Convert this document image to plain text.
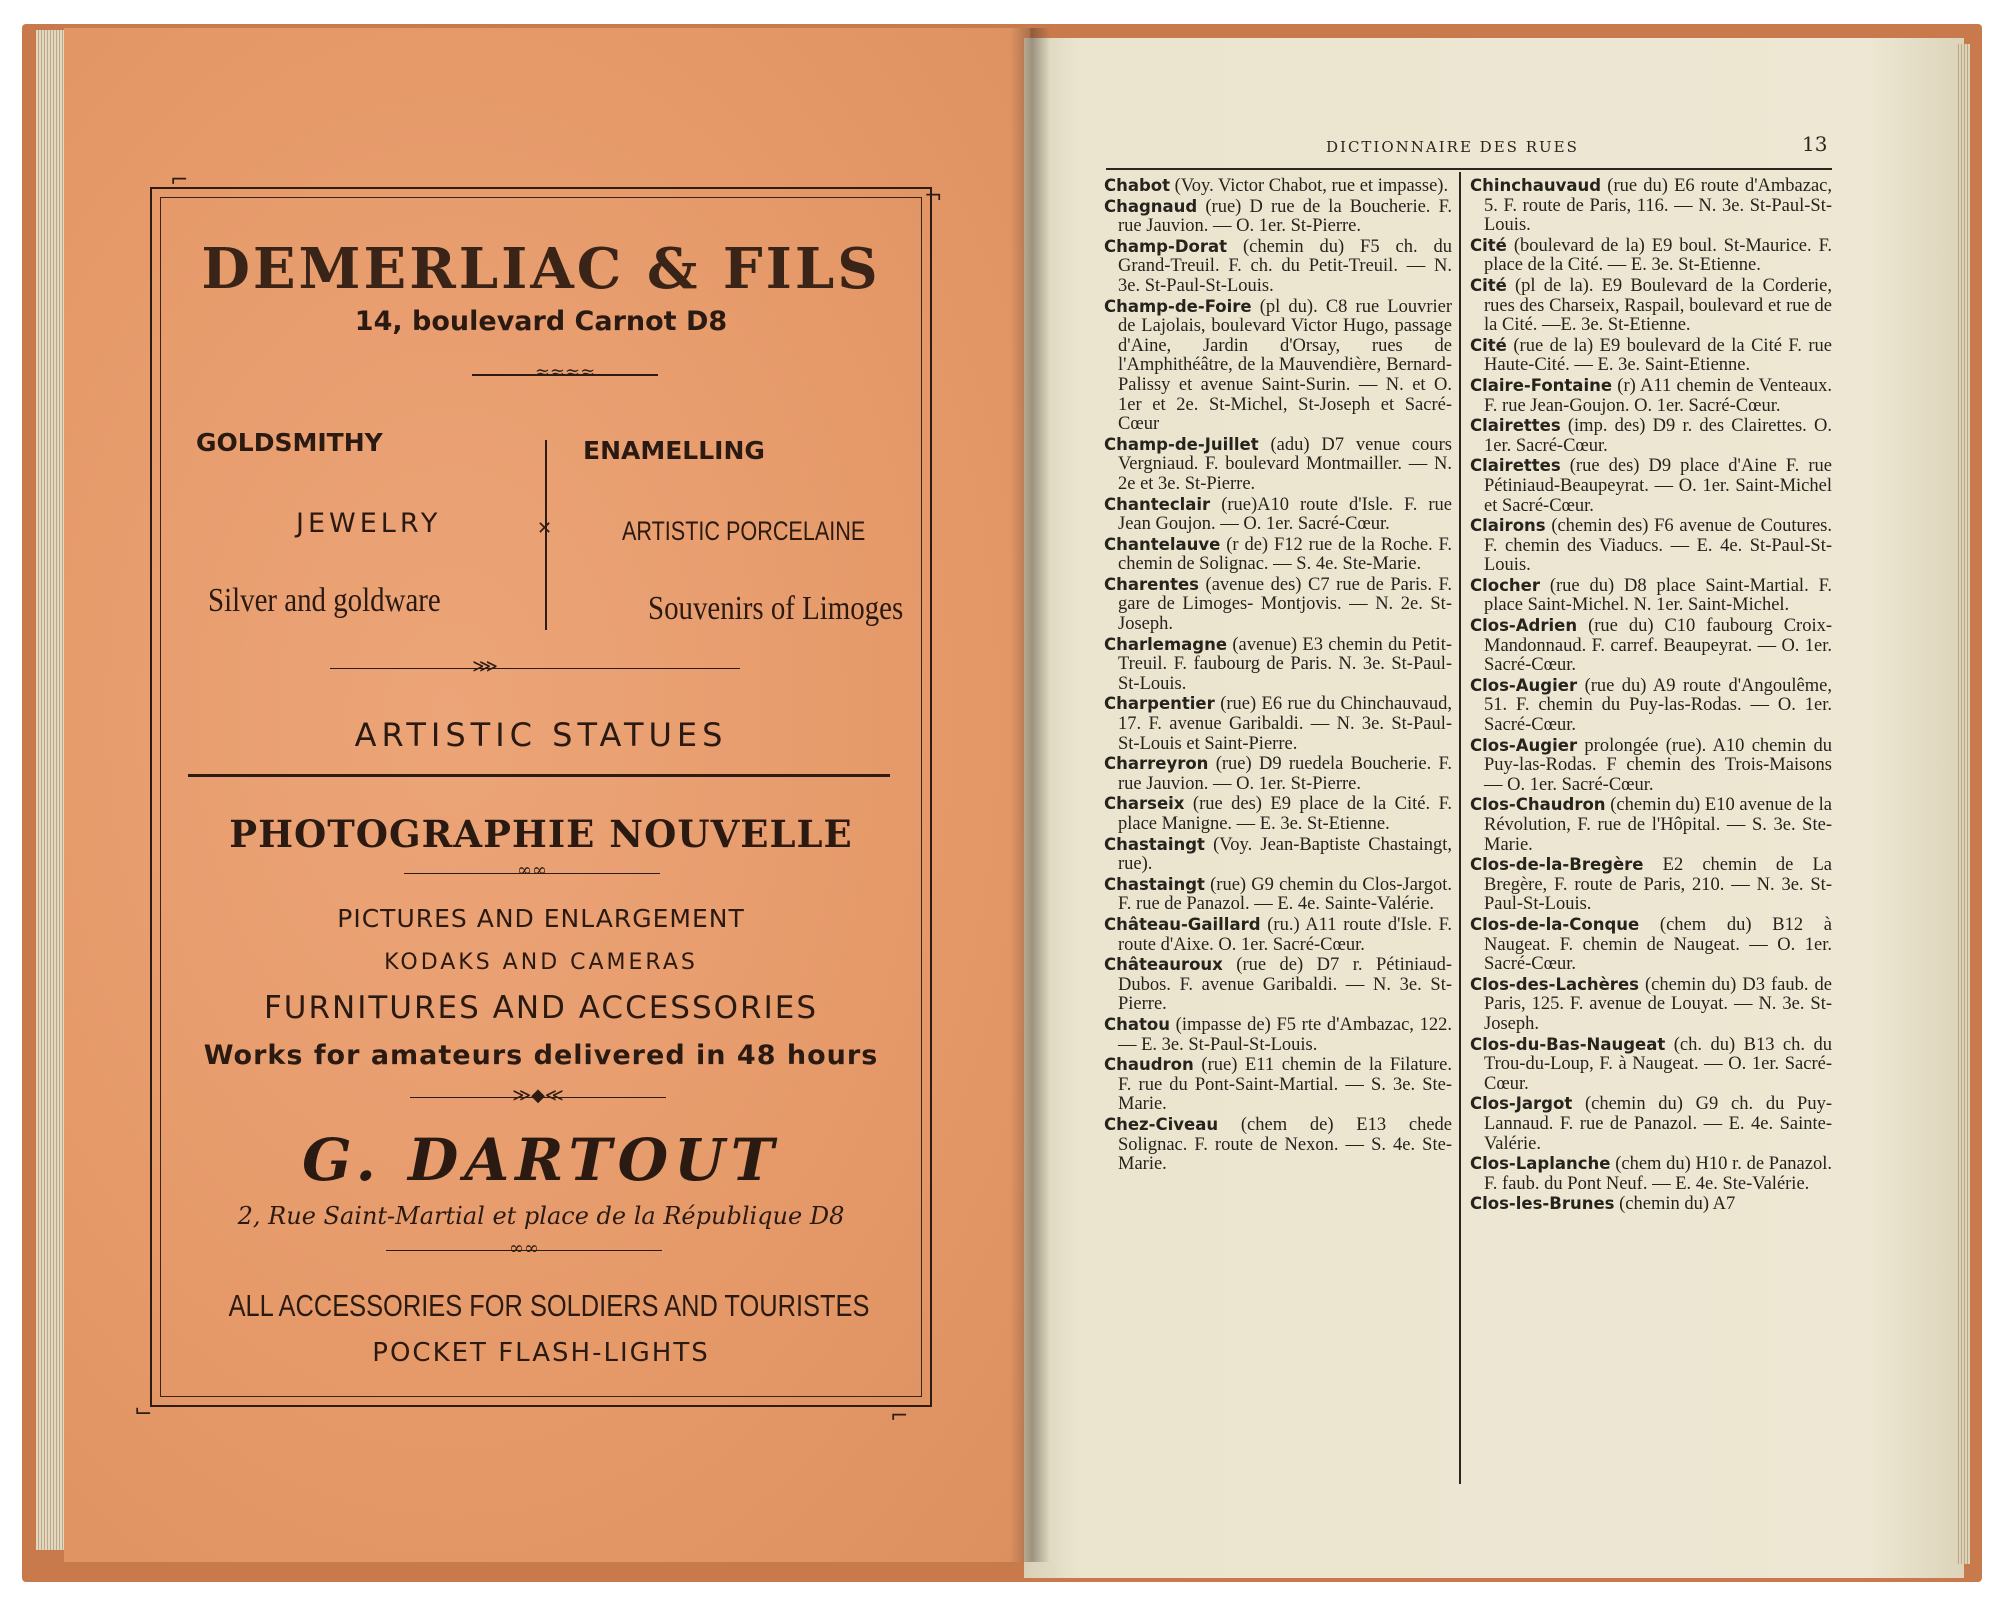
⌐
¬
⌙	⌐
DEMERLIAC & FILS
14, boulevard Carnot D8
≈≈≈≈
GOLDSMITHY	ENAMELLING
✕
JEWELRY	ARTISTIC PORCELAINE
Silver and goldware	Souvenirs of Limoges
⋙
ARTISTIC STATUES
PHOTOGRAPHIE NOUVELLE
∞∞
PICTURES AND ENLARGEMENT
KODAKS AND CAMERAS
FURNITURES AND ACCESSORIES
Works for amateurs delivered in 48 hours
≫◆≪
G. DARTOUT
2, Rue Saint-Martial et place de la République D8
∞∞
ALL ACCESSORIES FOR SOLDIERS AND TOURISTES
POCKET FLASH-LIGHTS
DICTIONNAIRE DES RUES	13
Chabot (Voy. Victor Chabot, rue et impasse).
Chagnaud (rue) D rue de la Boucherie. F. rue Jauvion. — O. 1er. St-Pierre.
Champ-Dorat (chemin du) F5 ch. du Grand-Treuil. F. ch. du Petit-Treuil. — N. 3e. St-Paul-St-Louis.
Champ-de-Foire (pl du). C8 rue Louvrier de Lajolais, boulevard Victor Hugo, passage d'Aine, Jardin d'Orsay, rues de l'Amphithéâtre, de la Mauvendière, Bernard-Palissy et avenue Saint-Surin. — N. et O. 1er et 2e. St-Michel, St-Joseph et Sacré-Cœur
Champ-de-Juillet (adu) D7 venue cours Vergniaud. F. boulevard Montmailler. — N. 2e et 3e. St-Pierre.
Chanteclair (rue)A10 route d'Isle. F. rue Jean Goujon. — O. 1er. Sacré-Cœur.
Chantelauve (r de) F12 rue de la Roche. F. chemin de Solignac. — S. 4e. Ste-Marie.
Charentes (avenue des) C7 rue de Paris. F. gare de Limoges- Montjovis. — N. 2e. St-Joseph.
Charlemagne (avenue) E3 chemin du Petit-Treuil. F. faubourg de Paris. N. 3e. St-Paul-St-Louis.
Charpentier (rue) E6 rue du Chinchauvaud, 17. F. avenue Garibaldi. — N. 3e. St-Paul-St-Louis et Saint-Pierre.
Charreyron (rue) D9 ruedela Boucherie. F. rue Jauvion. — O. 1er. St-Pierre.
Charseix (rue des) E9 place de la Cité. F. place Manigne. — E. 3e. St-Etienne.
Chastaingt (Voy. Jean-Baptiste Chastaingt, rue).
Chastaingt (rue) G9 chemin du Clos-Jargot. F. rue de Panazol. — E. 4e. Sainte-Valérie.
Château-Gaillard (ru.) A11 route d'Isle. F. route d'Aixe. O. 1er. Sacré-Cœur.
Châteauroux (rue de) D7 r. Pétiniaud-Dubos. F. avenue Garibaldi. — N. 3e. St-Pierre.
Chatou (impasse de) F5 rte d'Ambazac, 122. — E. 3e. St-Paul-St-Louis.
Chaudron (rue) E11 chemin de la Filature. F. rue du Pont-Saint-Martial. — S. 3e. Ste-Marie.
Chez-Civeau (chem de) E13 chede Solignac. F. route de Nexon. — S. 4e. Ste-Marie.
Chinchauvaud (rue du) E6 route d'Ambazac, 5. F. route de Paris, 116. — N. 3e. St-Paul-St-Louis.
Cité (boulevard de la) E9 boul. St-Maurice. F. place de la Cité. — E. 3e. St-Etienne.
Cité (pl de la). E9 Boulevard de la Corderie, rues des Charseix, Raspail, boulevard et rue de la Cité. —E. 3e. St-Etienne.
Cité (rue de la) E9 boulevard de la Cité F. rue Haute-Cité. — E. 3e. Saint-Etienne.
Claire-Fontaine (r) A11 chemin de Venteaux. F. rue Jean-Goujon. O. 1er. Sacré-Cœur.
Clairettes (imp. des) D9 r. des Clairettes. O. 1er. Sacré-Cœur.
Clairettes (rue des) D9 place d'Aine F. rue Pétiniaud-Beaupeyrat. — O. 1er. Saint-Michel et Sacré-Cœur.
Clairons (chemin des) F6 avenue de Coutures. F. chemin des Viaducs. — E. 4e. St-Paul-St-Louis.
Clocher (rue du) D8 place Saint-Martial. F. place Saint-Michel. N. 1er. Saint-Michel.
Clos-Adrien (rue du) C10 faubourg Croix-Mandonnaud. F. carref. Beaupeyrat. — O. 1er. Sacré-Cœur.
Clos-Augier (rue du) A9 route d'Angoulême, 51. F. chemin du Puy-las-Rodas. — O. 1er. Sacré-Cœur.
Clos-Augier prolongée (rue). A10 chemin du Puy-las-Rodas. F chemin des Trois-Maisons — O. 1er. Sacré-Cœur.
Clos-Chaudron (chemin du) E10 avenue de la Révolution, F. rue de l'Hôpital. — S. 3e. Ste-Marie.
Clos-de-la-Bregère E2 chemin de La Bregère, F. route de Paris, 210. — N. 3e. St-Paul-St-Louis.
Clos-de-la-Conque (chem du) B12 à Naugeat. F. chemin de Naugeat. — O. 1er. Sacré-Cœur.
Clos-des-Lachères (chemin du) D3 faub. de Paris, 125. F. avenue de Louyat. — N. 3e. St-Joseph.
Clos-du-Bas-Naugeat (ch. du) B13 ch. du Trou-du-Loup, F. à Naugeat. — O. 1er. Sacré-Cœur.
Clos-Jargot (chemin du) G9 ch. du Puy-Lannaud. F. rue de Panazol. — E. 4e. Sainte-Valérie.
Clos-Laplanche (chem du) H10 r. de Panazol. F. faub. du Pont Neuf. — E. 4e. Ste-Valérie.
Clos-les-Brunes (chemin du) A7
